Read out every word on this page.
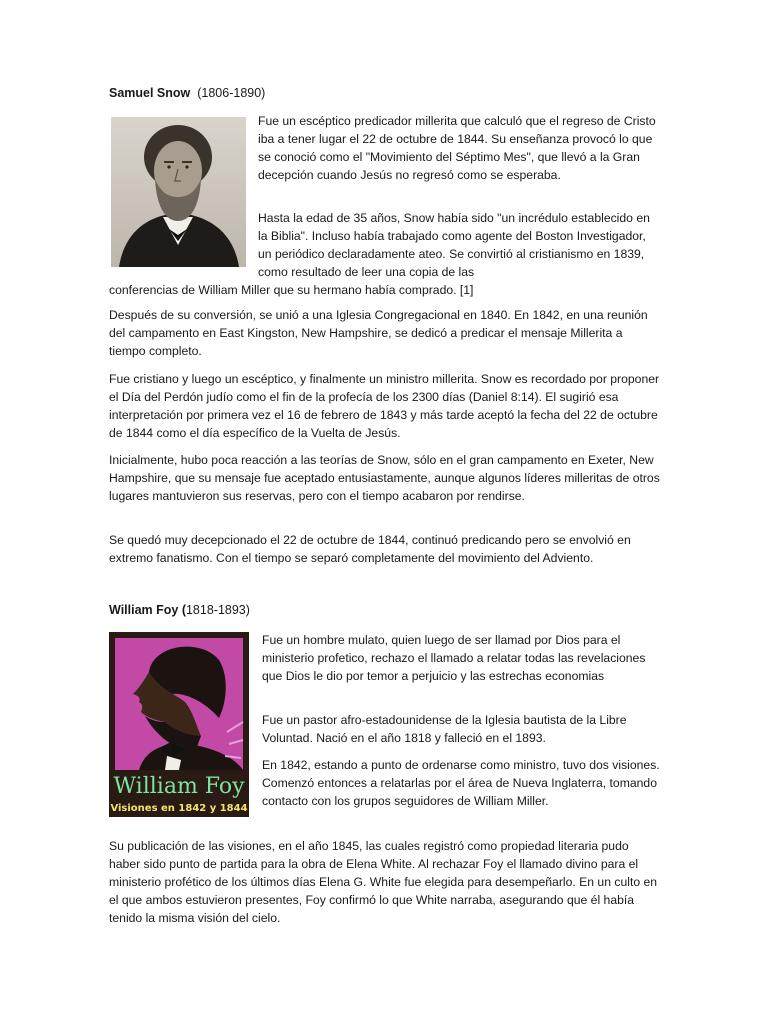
Samuel Snow (1806-1890)

Fue un escéptico predicador millerita que calculó que el regreso de Cristo iba a tener lugar el 22 de octubre de 1844. Su enseñanza provocó lo que se conoció como el "Movimiento del Séptimo Mes", que llevó a la Gran decepción cuando Jesús no regresó como se esperaba.

Hasta la edad de 35 años, Snow había sido "un incrédulo establecido en la Biblia". Incluso había trabajado como agente del Boston Investigador, un periódico declaradamente ateo. Se convirtió al cristianismo en 1839, como resultado de leer una copia de las

conferencias de William Miller que su hermano había comprado. [1]

Después de su conversión, se unió a una Iglesia Congregacional en 1840. En 1842, en una reunión del campamento en East Kingston, New Hampshire, se dedicó a predicar el mensaje Millerita a tiempo completo.

Fue cristiano y luego un escéptico, y finalmente un ministro millerita. Snow es recordado por proponer el Día del Perdón judío como el fin de la profecía de los 2300 días (Daniel 8:14). El sugirió esa interpretación por primera vez el 16 de febrero de 1843 y más tarde aceptó la fecha del 22 de octubre de 1844 como el día específico de la Vuelta de Jesús.

Inicialmente, hubo poca reacción a las teorías de Snow, sólo en el gran campamento en Exeter, New Hampshire, que su mensaje fue aceptado entusiastamente, aunque algunos líderes milleritas de otros lugares mantuvieron sus reservas, pero con el tiempo acabaron por rendirse.

Se quedó muy decepcionado el 22 de octubre de 1844, continuó predicando pero se envolvió en extremo fanatismo. Con el tiempo se separó completamente del movimiento del Adviento.

William Foy (1818-1893)
William Foy
Visiones en 1842 y 1844

Fue un hombre mulato, quien luego de ser llamad por Dios para el ministerio profetico, rechazo el llamado a relatar todas las revelaciones que Dios le dio por temor a perjuicio y las estrechas economias

Fue un pastor afro-estadounidense de la Iglesia bautista de la Libre Voluntad. Nació en el año 1818 y falleció en el 1893.

En 1842, estando a punto de ordenarse como ministro, tuvo dos visiones. Comenzó entonces a relatarlas por el área de Nueva Inglaterra, tomando contacto con los grupos seguidores de William Miller.

Su publicación de las visiones, en el año 1845, las cuales registró como propiedad literaria pudo haber sido punto de partida para la obra de Elena White. Al rechazar Foy el llamado divino para el ministerio profético de los últimos días Elena G. White fue elegida para desempeñarlo. En un culto en el que ambos estuvieron presentes, Foy confirmó lo que White narraba, asegurando que él había tenido la misma visión del cielo.
